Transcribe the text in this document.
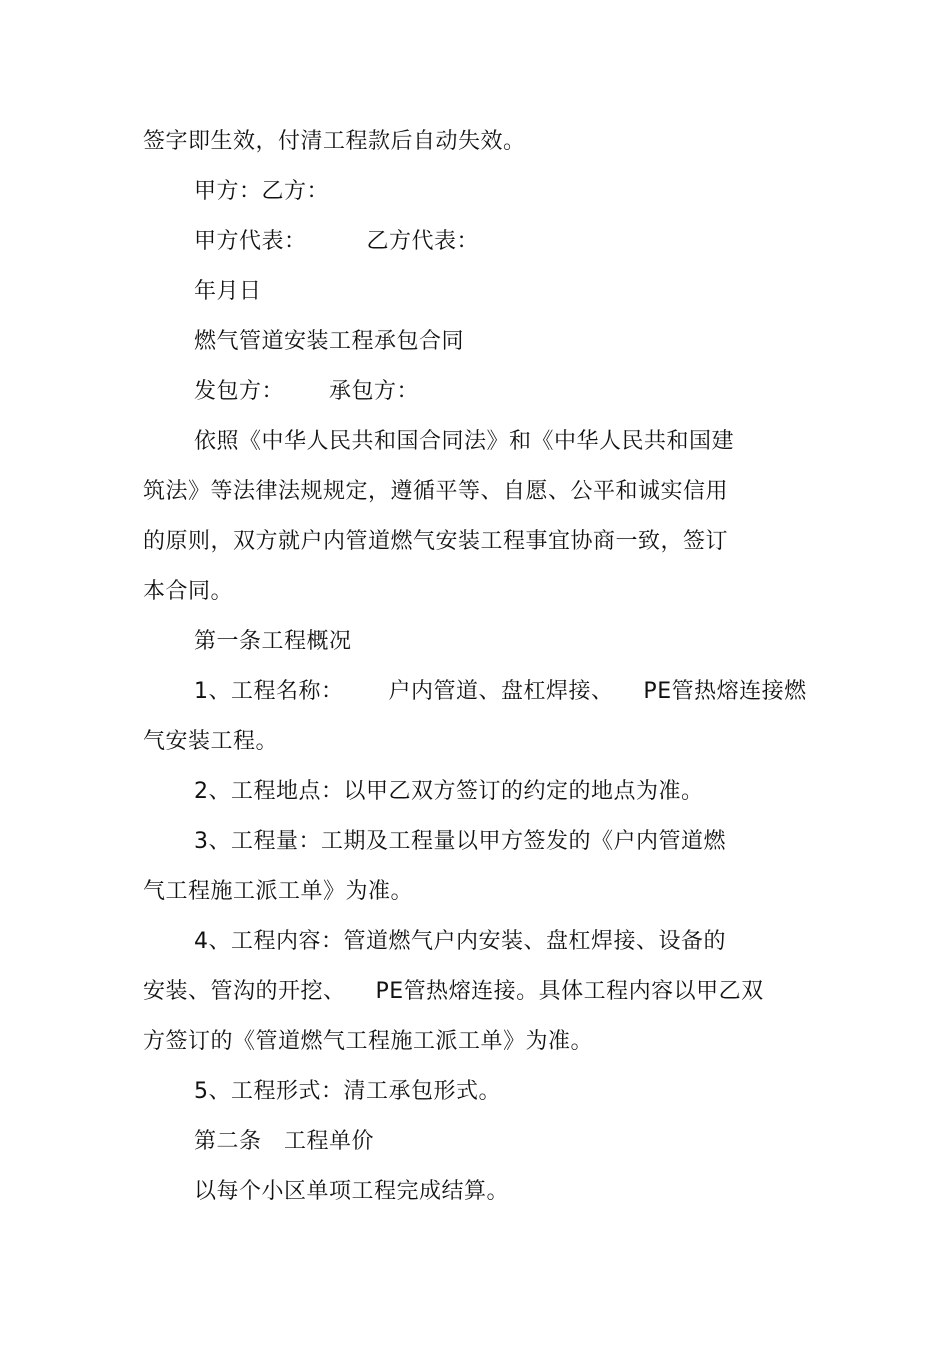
签字即生效，付清工程款后自动失效。
甲方：乙方：
甲方代表：        乙方代表：
年月日
燃气管道安装工程承包合同
发包方：      承包方：
依照《中华人民共和国合同法》和《中华人民共和国建
筑法》等法律法规规定，遵循平等、自愿、公平和诚实信用
的原则，双方就户内管道燃气安装工程事宜协商一致，签订
本合同。
第一条工程概况
1、工程名称：      户内管道、盘杠焊接、    PE管热熔连接燃
气安装工程。
2、工程地点：以甲乙双方签订的约定的地点为准。
3、工程量：工期及工程量以甲方签发的《户内管道燃
气工程施工派工单》为准。
4、工程内容：管道燃气户内安装、盘杠焊接、设备的
安装、管沟的开挖、    PE管热熔连接。具体工程内容以甲乙双
方签订的《管道燃气工程施工派工单》为准。
5、工程形式：清工承包形式。
第二条   工程单价
以每个小区单项工程完成结算。
